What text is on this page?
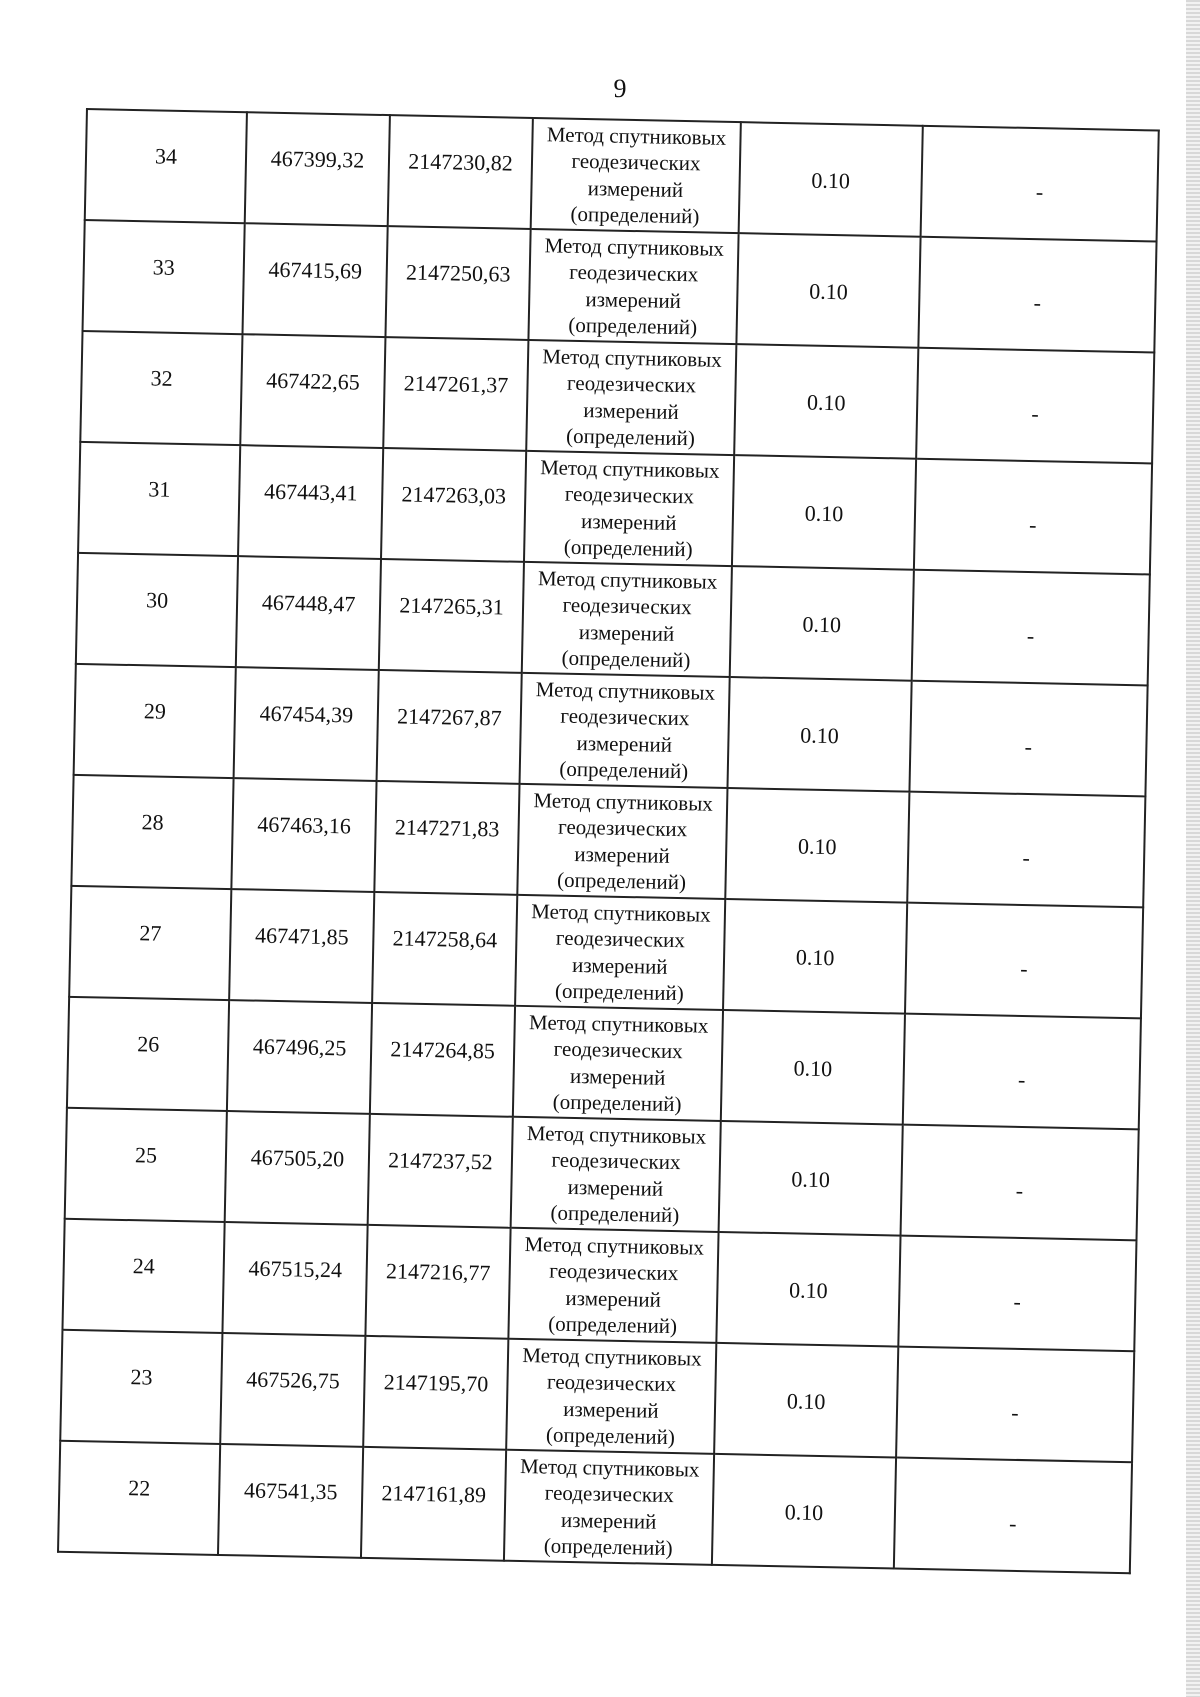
9
34	467399,32	2147230,82	Метод спутниковых
геодезических
измерений
(определений)	0.10	-

33	467415,69	2147250,63	Метод спутниковых
геодезических
измерений
(определений)	0.10	-

32	467422,65	2147261,37	Метод спутниковых
геодезических
измерений
(определений)	0.10	-

31	467443,41	2147263,03	Метод спутниковых
геодезических
измерений
(определений)	0.10	-

30	467448,47	2147265,31	Метод спутниковых
геодезических
измерений
(определений)	0.10	-

29	467454,39	2147267,87	Метод спутниковых
геодезических
измерений
(определений)	0.10	-

28	467463,16	2147271,83	Метод спутниковых
геодезических
измерений
(определений)	0.10	-

27	467471,85	2147258,64	Метод спутниковых
геодезических
измерений
(определений)	0.10	-

26	467496,25	2147264,85	Метод спутниковых
геодезических
измерений
(определений)	0.10	-

25	467505,20	2147237,52	Метод спутниковых
геодезических
измерений
(определений)	0.10	-

24	467515,24	2147216,77	Метод спутниковых
геодезических
измерений
(определений)	0.10	-

23	467526,75	2147195,70	Метод спутниковых
геодезических
измерений
(определений)	0.10	-

22	467541,35	2147161,89	Метод спутниковых
геодезических
измерений
(определений)	0.10	-
